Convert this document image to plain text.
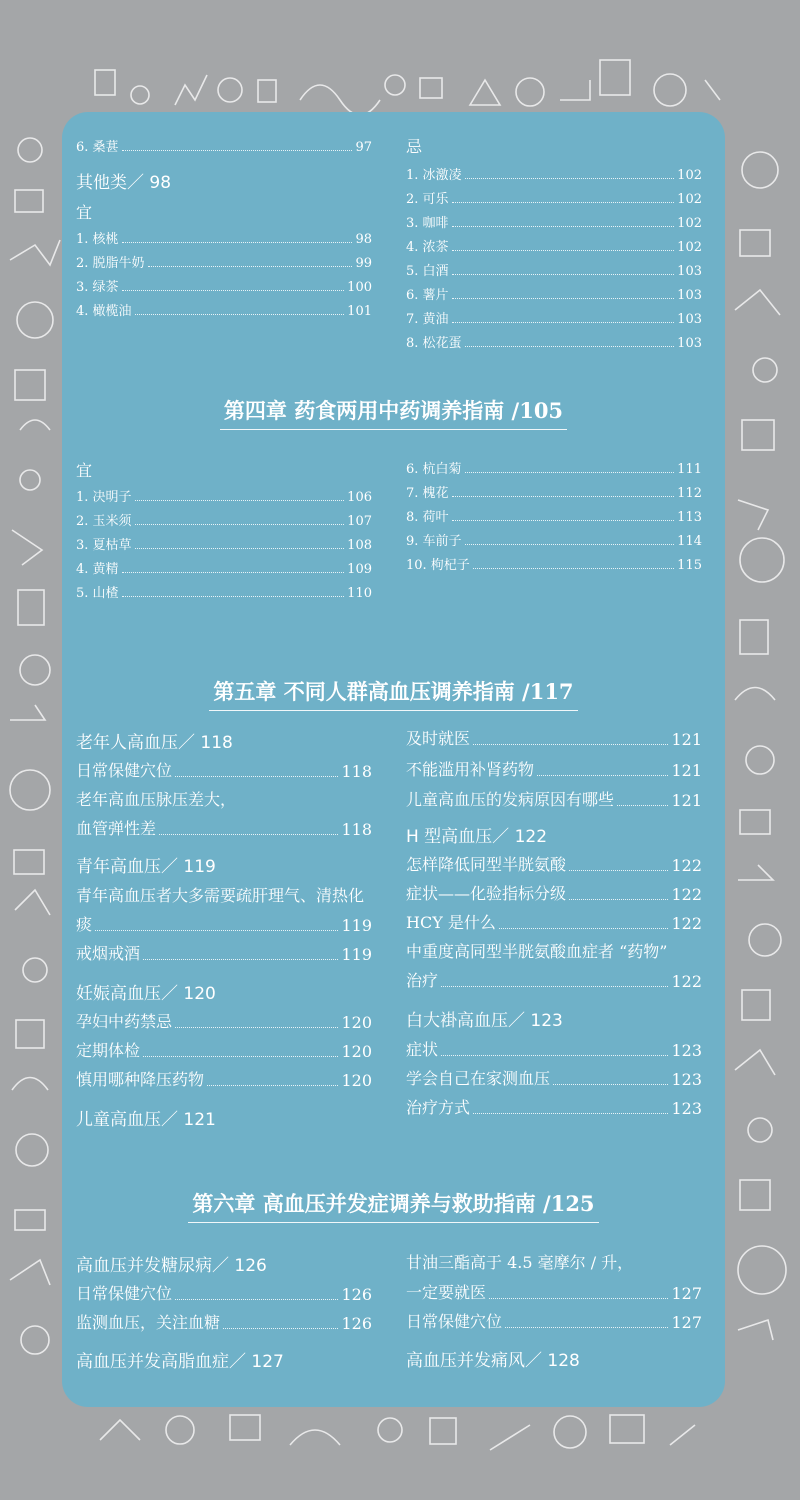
6. 桑葚	97
其他类／ 98
宜
1. 核桃	98
2. 脱脂牛奶	99
3. 绿茶	100
4. 橄榄油	101
忌
1. 冰激凌	102
2. 可乐	102
3. 咖啡	102
4. 浓茶	102
5. 白酒	103
6. 薯片	103
7. 黄油	103
8. 松花蛋	103
第四章 药食两用中药调养指南 /105
宜
1. 决明子	106
2. 玉米须	107
3. 夏枯草	108
4. 黄精	109
5. 山楂	110
6. 杭白菊	111
7. 槐花	112
8. 荷叶	113
9. 车前子	114
10. 枸杞子	115
第五章 不同人群高血压调养指南 /117
老年人高血压／ 118
日常保健穴位	118
老年高血压脉压差大，
血管弹性差	118
青年高血压／ 119
青年高血压者大多需要疏肝理气、清热化
痰	119
戒烟戒酒	119
妊娠高血压／ 120
孕妇中药禁忌	120
定期体检	120
慎用哪种降压药物	120
儿童高血压／ 121
及时就医	121
不能滥用补肾药物	121
儿童高血压的发病原因有哪些	121
H 型高血压／ 122
怎样降低同型半胱氨酸	122
症状——化验指标分级	122
HCY 是什么	122
中重度高同型半胱氨酸血症者 “药物”
治疗	122
白大褂高血压／ 123
症状	123
学会自己在家测血压	123
治疗方式	123
第六章 高血压并发症调养与救助指南 /125
高血压并发糖尿病／ 126
日常保健穴位	126
监测血压，关注血糖	126
高血压并发高脂血症／ 127
甘油三酯高于 4.5 毫摩尔 / 升，
一定要就医	127
日常保健穴位	127
高血压并发痛风／ 128
